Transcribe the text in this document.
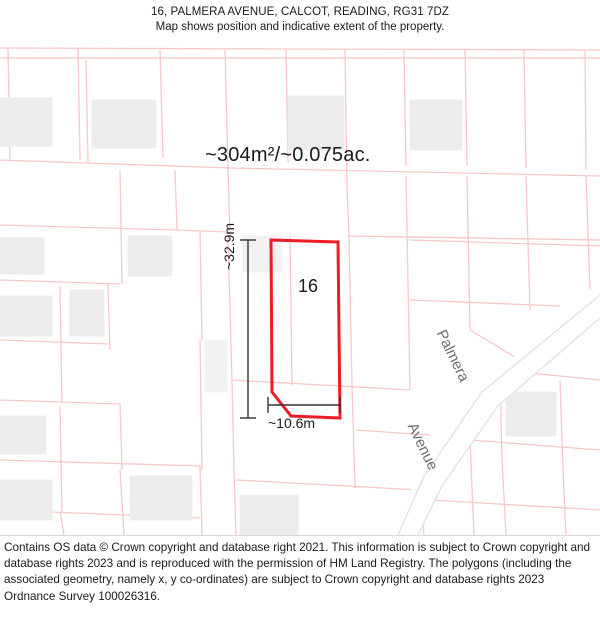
16, PALMERA AVENUE, CALCOT, READING, RG31 7DZ
Map shows position and indicative extent of the property.
~304m²/~0.075ac.
16
~32.9m
~10.6m
Palmera
Avenue

Contains OS data © Crown copyright and database right 2021. This information is subject to Crown copyright and database rights 2023 and is reproduced with the permission of HM Land Registry. The polygons (including the associated geometry, namely x, y co-ordinates) are subject to Crown copyright and database rights 2023 Ordnance Survey 100026316.
